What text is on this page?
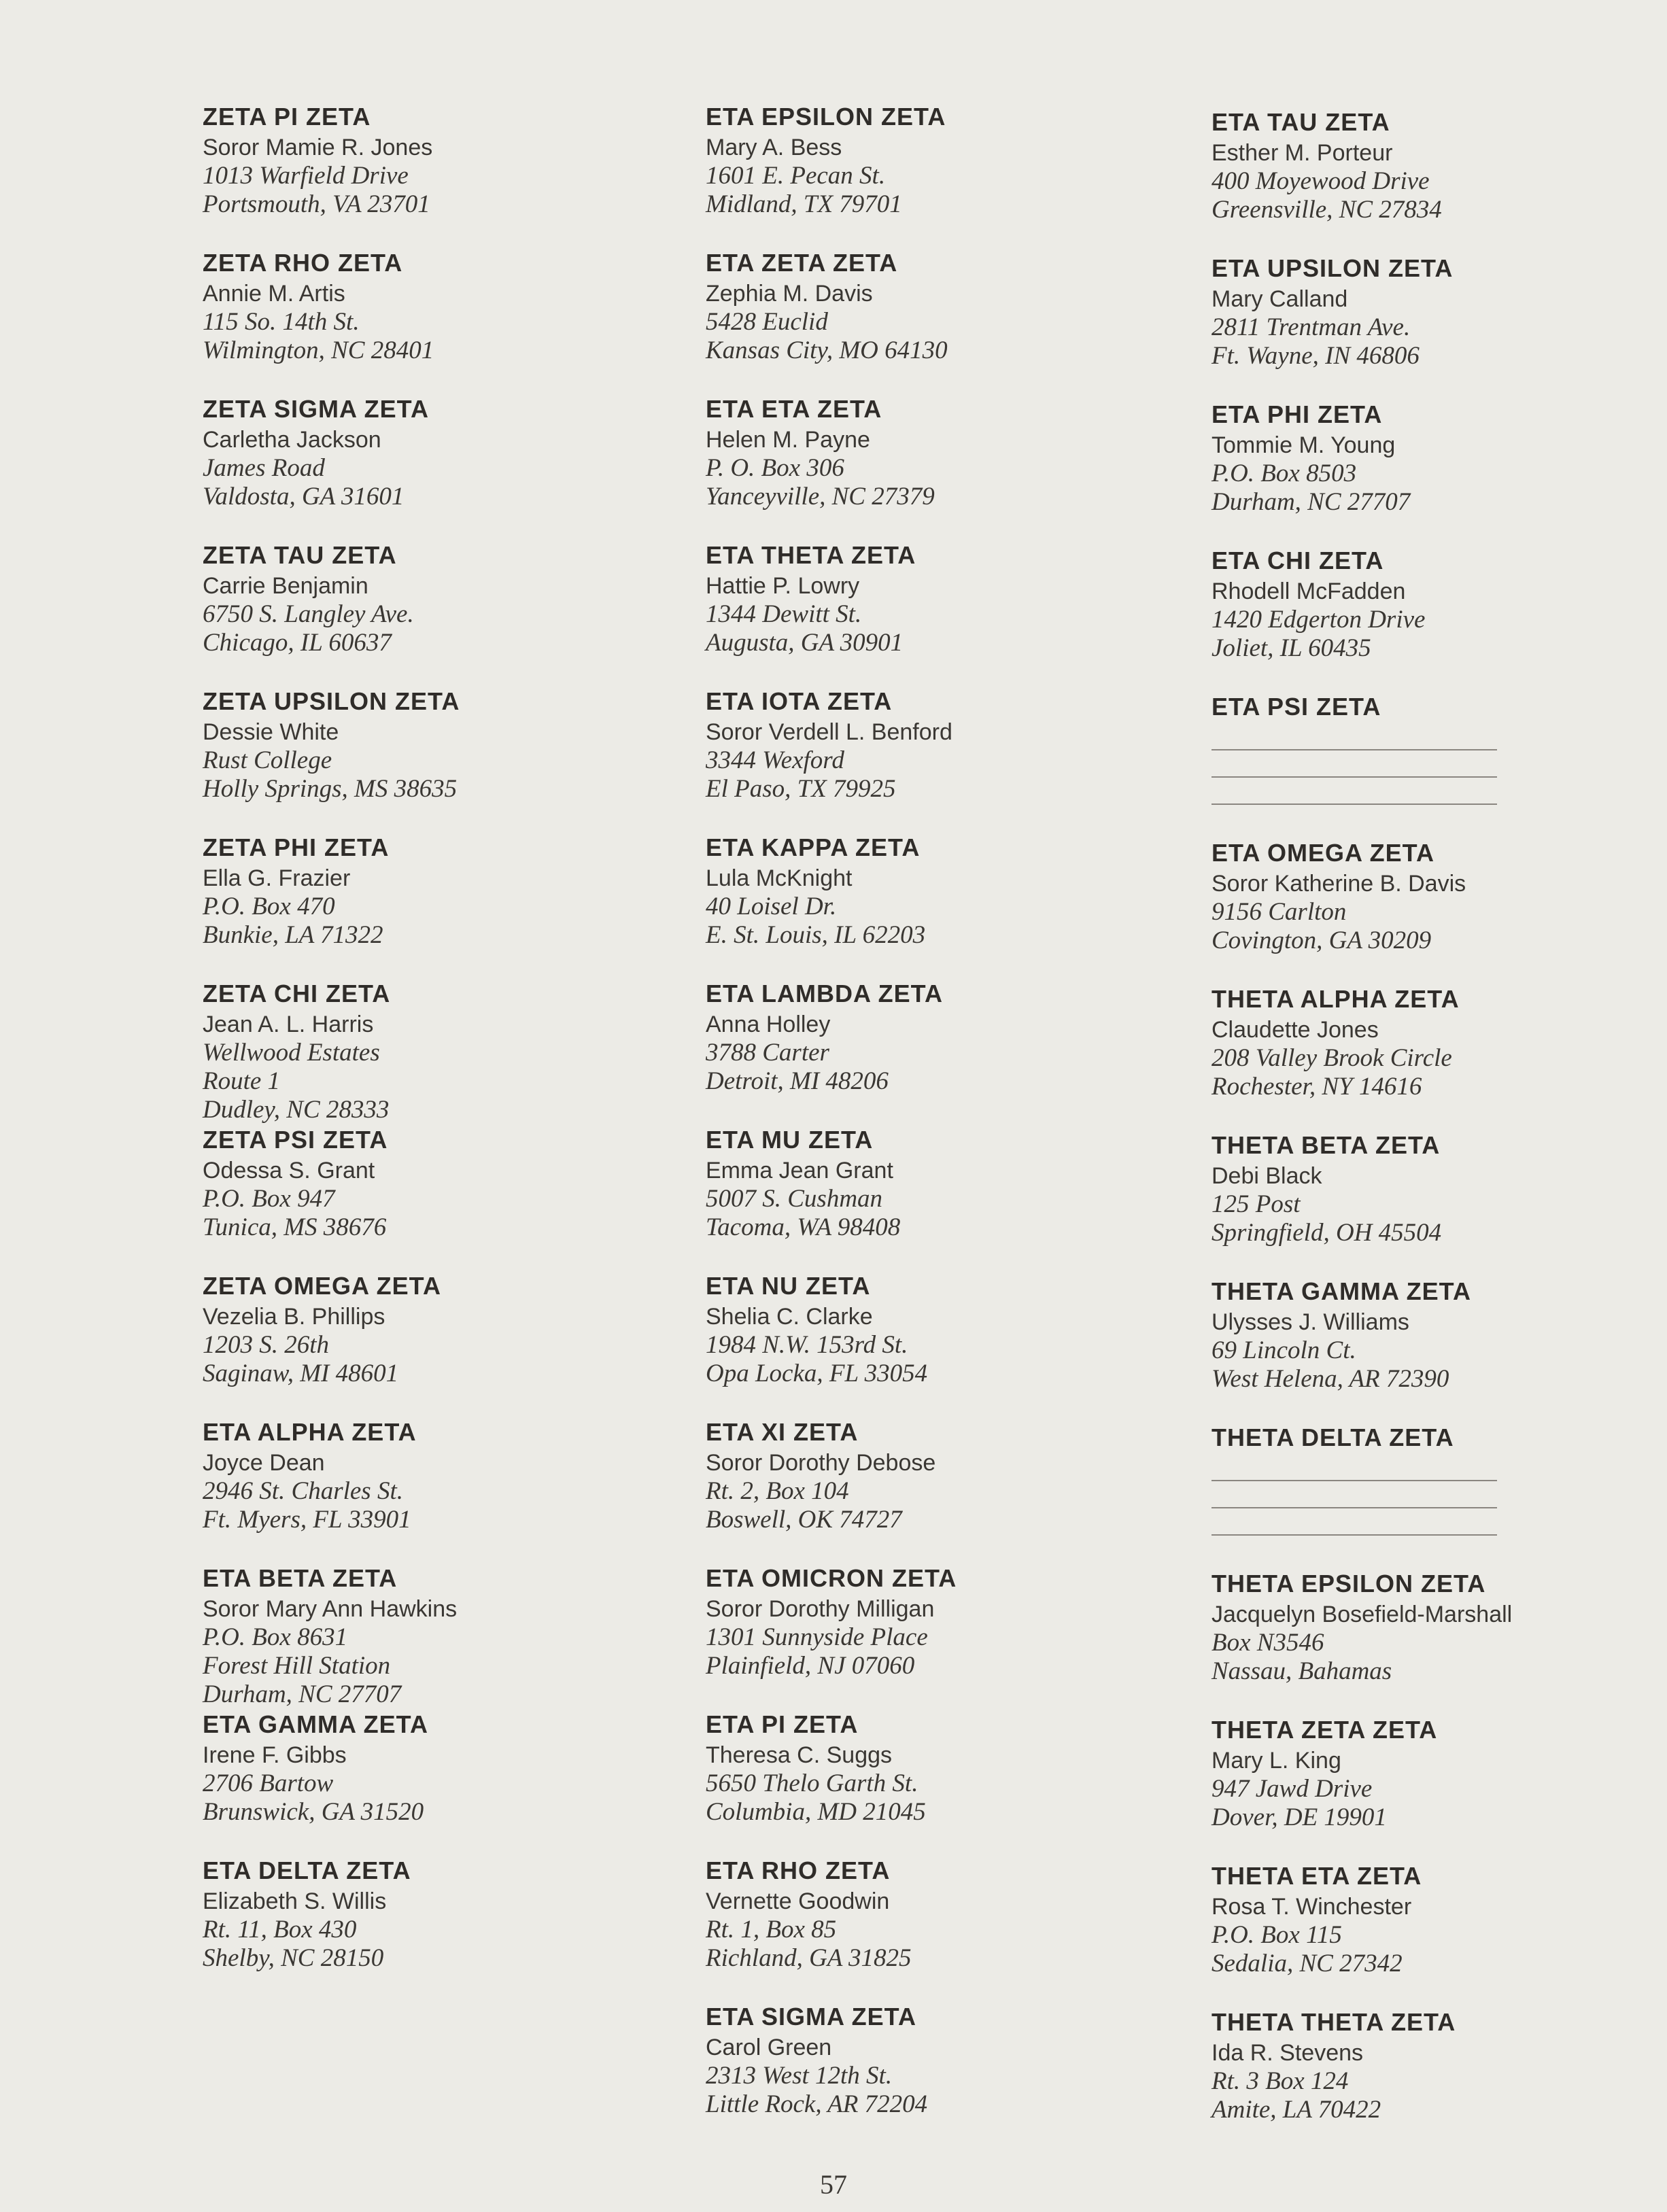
ZETA PI ZETA
Soror Mamie R. Jones
1013 Warfield Drive
Portsmouth, VA 23701
ZETA RHO ZETA
Annie M. Artis
115 So. 14th St.
Wilmington, NC 28401
ZETA SIGMA ZETA
Carletha Jackson
James Road
Valdosta, GA 31601
ZETA TAU ZETA
Carrie Benjamin
6750 S. Langley Ave.
Chicago, IL 60637
ZETA UPSILON ZETA
Dessie White
Rust College
Holly Springs, MS 38635
ZETA PHI ZETA
Ella G. Frazier
P.O. Box 470
Bunkie, LA 71322
ZETA CHI ZETA
Jean A. L. Harris
Wellwood Estates
Route 1
Dudley, NC 28333
ZETA PSI ZETA
Odessa S. Grant
P.O. Box 947
Tunica, MS 38676
ZETA OMEGA ZETA
Vezelia B. Phillips
1203 S. 26th
Saginaw, MI 48601
ETA ALPHA ZETA
Joyce Dean
2946 St. Charles St.
Ft. Myers, FL 33901
ETA BETA ZETA
Soror Mary Ann Hawkins
P.O. Box 8631
Forest Hill Station
Durham, NC 27707
ETA GAMMA ZETA
Irene F. Gibbs
2706 Bartow
Brunswick, GA 31520
ETA DELTA ZETA
Elizabeth S. Willis
Rt. 11, Box 430
Shelby, NC 28150
ETA EPSILON ZETA
Mary A. Bess
1601 E. Pecan St.
Midland, TX 79701
ETA ZETA ZETA
Zephia M. Davis
5428 Euclid
Kansas City, MO 64130
ETA ETA ZETA
Helen M. Payne
P. O. Box 306
Yanceyville, NC 27379
ETA THETA ZETA
Hattie P. Lowry
1344 Dewitt St.
Augusta, GA 30901
ETA IOTA ZETA
Soror Verdell L. Benford
3344 Wexford
El Paso, TX 79925
ETA KAPPA ZETA
Lula McKnight
40 Loisel Dr.
E. St. Louis, IL 62203
ETA LAMBDA ZETA
Anna Holley
3788 Carter
Detroit, MI 48206
ETA MU ZETA
Emma Jean Grant
5007 S. Cushman
Tacoma, WA 98408
ETA NU ZETA
Shelia C. Clarke
1984 N.W. 153rd St.
Opa Locka, FL 33054
ETA XI ZETA
Soror Dorothy Debose
Rt. 2, Box 104
Boswell, OK 74727
ETA OMICRON ZETA
Soror Dorothy Milligan
1301 Sunnyside Place
Plainfield, NJ 07060
ETA PI ZETA
Theresa C. Suggs
5650 Thelo Garth St.
Columbia, MD 21045
ETA RHO ZETA
Vernette Goodwin
Rt. 1, Box 85
Richland, GA 31825
ETA SIGMA ZETA
Carol Green
2313 West 12th St.
Little Rock, AR 72204
ETA TAU ZETA
Esther M. Porteur
400 Moyewood Drive
Greensville, NC 27834
ETA UPSILON ZETA
Mary Calland
2811 Trentman Ave.
Ft. Wayne, IN 46806
ETA PHI ZETA
Tommie M. Young
P.O. Box 8503
Durham, NC 27707
ETA CHI ZETA
Rhodell McFadden
1420 Edgerton Drive
Joliet, IL 60435
ETA PSI ZETA
ETA OMEGA ZETA
Soror Katherine B. Davis
9156 Carlton
Covington, GA 30209
THETA ALPHA ZETA
Claudette Jones
208 Valley Brook Circle
Rochester, NY 14616
THETA BETA ZETA
Debi Black
125 Post
Springfield, OH 45504
THETA GAMMA ZETA
Ulysses J. Williams
69 Lincoln Ct.
West Helena, AR 72390
THETA DELTA ZETA
THETA EPSILON ZETA
Jacquelyn Bosefield-Marshall
Box N3546
Nassau, Bahamas
THETA ZETA ZETA
Mary L. King
947 Jawd Drive
Dover, DE 19901
THETA ETA ZETA
Rosa T. Winchester
P.O. Box 115
Sedalia, NC 27342
THETA THETA ZETA
Ida R. Stevens
Rt. 3 Box 124
Amite, LA 70422
57
